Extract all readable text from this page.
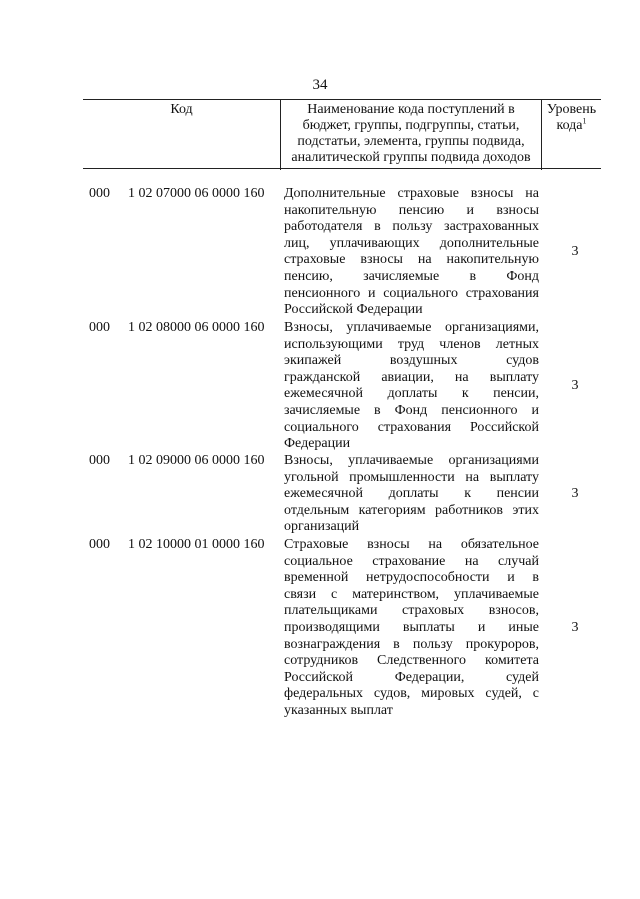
34
Код	Наименование кода поступлений в
бюджет, группы, подгруппы, статьи,
подстатьи, элемента, группы подвида,
аналитической группы подвида доходов
Уровень
кода$^1$
000 1 02 07000 06 0000 160 Дополнительные страховые взносы на
накопительную пенсию и взносы
работодателя в пользу застрахованных
лиц, уплачивающих дополнительные
страховые взносы на накопительную
пенсию, зачисляемые в Фонд
пенсионного и социального страхования
Российской Федерации
3
000 1 02 08000 06 0000 160 Взносы, уплачиваемые организациями,
использующими труд членов летных
экипажей воздушных судов
гражданской авиации, на выплату
ежемесячной доплаты к пенсии,
зачисляемые в Фонд пенсионного и
социального страхования Российской
Федерации
3
000 1 02 09000 06 0000 160 Взносы, уплачиваемые организациями
угольной промышленности на выплату
ежемесячной доплаты к пенсии
отдельным категориям работников этих
организаций
3
000 1 02 10000 01 0000 160 Страховые взносы на обязательное
социальное страхование на случай
временной нетрудоспособности и в
связи с материнством, уплачиваемые
плательщиками страховых взносов,
производящими выплаты и иные
вознаграждения в пользу прокуроров,
сотрудников Следственного комитета
Российской Федерации, судей
федеральных судов, мировых судей, с
указанных выплат
3
